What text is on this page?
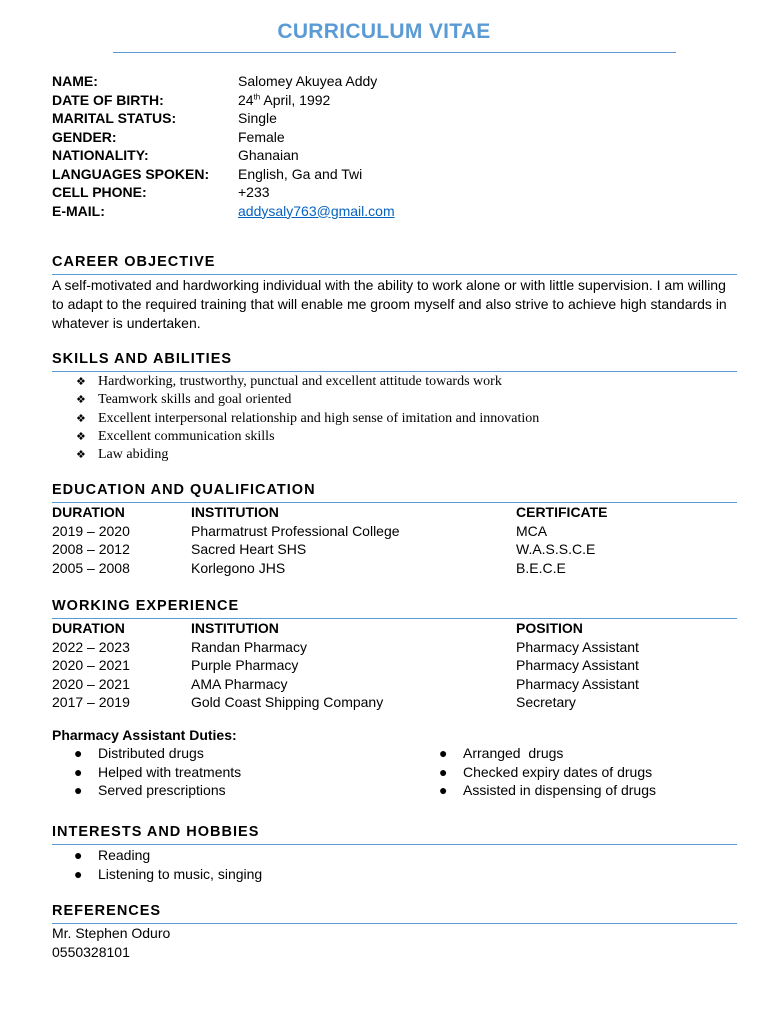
CURRICULUM VITAE
NAME:	Salomey Akuyea Addy
DATE OF BIRTH:	24th April, 1992
MARITAL STATUS:	Single
GENDER:	Female
NATIONALITY:	Ghanaian
LANGUAGES SPOKEN: English, Ga and Twi
CELL PHONE:	+233
E-MAIL:	addysaly763@gmail.com
CAREER OBJECTIVE
A self-motivated and hardworking individual with the ability to work alone or with little supervision. I am willing to adapt to the required training that will enable me groom myself and also strive to achieve high standards in whatever is undertaken.
SKILLS AND ABILITIES
❖ Hardworking, trustworthy, punctual and excellent attitude towards work
❖ Teamwork skills and goal oriented
❖ Excellent interpersonal relationship and high sense of imitation and innovation
❖ Excellent communication skills
❖ Law abiding
EDUCATION AND QUALIFICATION
DURATION	INSTITUTION	CERTIFICATE
2019 – 2020	Pharmatrust Professional College	MCA
2008 – 2012	Sacred Heart SHS	W.A.S.S.C.E
2005 – 2008	Korlegono JHS	B.E.C.E
WORKING EXPERIENCE
DURATION	INSTITUTION	POSITION
2022 – 2023	Randan Pharmacy	Pharmacy Assistant
2020 – 2021	Purple Pharmacy	Pharmacy Assistant
2020 – 2021	AMA Pharmacy	Pharmacy Assistant
2017 – 2019	Gold Coast Shipping Company	Secretary
Pharmacy Assistant Duties:
● Distributed drugs
● Helped with treatments
● Served prescriptions
● Arranged  drugs
● Checked expiry dates of drugs
● Assisted in dispensing of drugs
INTERESTS AND HOBBIES
● Reading
● Listening to music, singing
REFERENCES
Mr. Stephen Oduro
0550328101
